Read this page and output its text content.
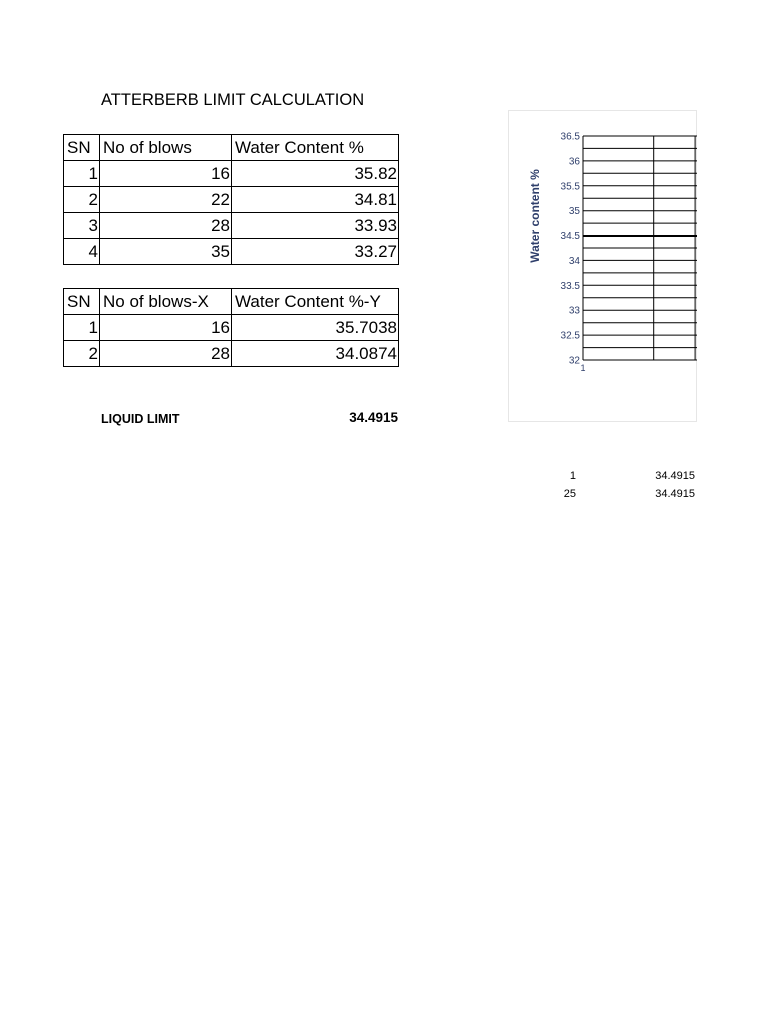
ATTERBERB LIMIT CALCULATION
SN	No of blows	Water Content %
1	16	35.82
2	22	34.81
3	28	33.93
4	35	33.27
SN	No of blows-X	Water Content %-Y
1	16	35.7038
2	28	34.0874
LIQUID LIMIT	34.4915
36.5
36
35.5
35
34.5
34
33.5
33
32.5
32
1
Water content %
1	34.4915
25	34.4915
